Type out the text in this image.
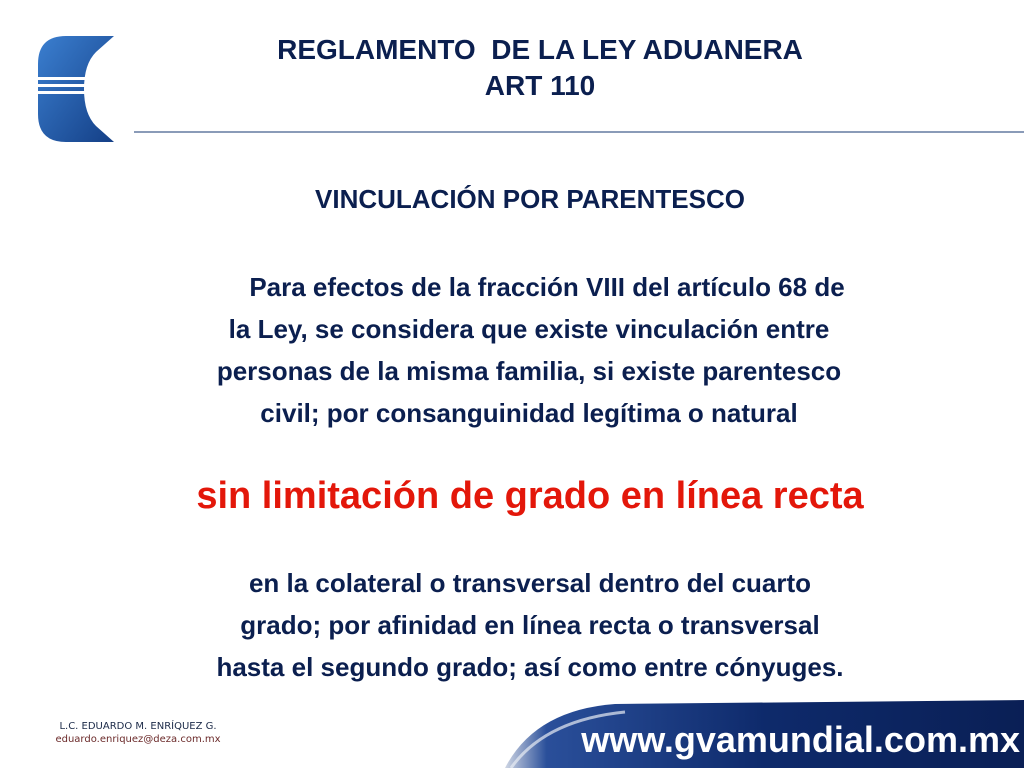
REGLAMENTO  DE LA LEY ADUANERA
ART 110
VINCULACIÓN POR PARENTESCO
Para efectos de la fracción VIII del artículo 68 de
la Ley, se considera que existe vinculación entre
personas de la misma familia, si existe parentesco
civil; por consanguinidad legítima o natural
sin limitación de grado en línea recta
en la colateral o transversal dentro del cuarto
grado; por afinidad en línea recta o transversal
hasta el segundo grado; así como entre cónyuges.
L.C. EDUARDO M. ENRÍQUEZ G.
eduardo.enriquez@deza.com.mx	www.gvamundial.com.mx
